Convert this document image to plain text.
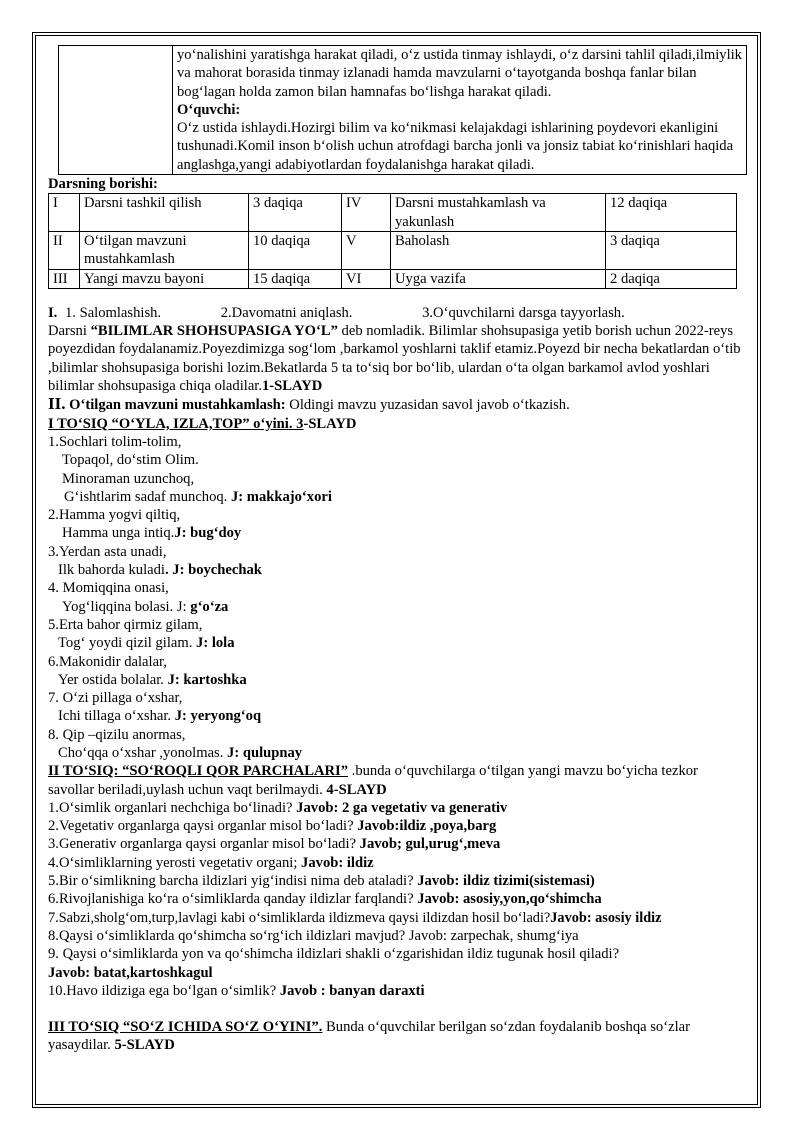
yo‘nalishini yaratishga harakat qiladi, o‘z ustida tinmay ishlaydi, o‘z darsini tahlil qiladi,ilmiylik va mahorat borasida tinmay izlanadi hamda mavzularni o‘tayotganda boshqa fanlar bilan bog‘lagan holda zamon bilan hamnafas bo‘lishga harakat qiladi.

O‘quvchi:

O‘z ustida ishlaydi.Hozirgi bilim va ko‘nikmasi kelajakdagi ishlarining poydevori ekanligini tushunadi.Komil inson b‘olish uchun atrofdagi barcha jonli va jonsiz tabiat ko‘rinishlari haqida anglashga,yangi adabiyotlardan foydalanishga harakat qiladi.

Darsning borishi:

I	Darsni tashkil qilish	3 daqiqa	IV	Darsni mustahkamlash va yakunlash	12 daqiqa
II	O‘tilgan mavzuni mustahkamlash	10 daqiqa	V	Baholash	3 daqiqa
III	Yangi mavzu bayoni	15 daqiqa	VI	Uyga vazifa	2 daqiqa

I. 1. Salomlashish.	2.Davomatni aniqlash.	3.O‘quvchilarni darsga tayyorlash.

Darsni “BILIMLAR SHOHSUPASIGA YO‘L” deb nomladik. Bilimlar shohsupasiga yetib borish uchun 2022-reys poyezdidan foydalanamiz.Poyezdimizga sog‘lom ,barkamol yoshlarni taklif etamiz.Poyezd bir necha bekatlardan o‘tib ,bilimlar shohsupasiga borishi lozim.Bekatlarda 5 ta to‘siq bor bo‘lib, ulardan o‘ta olgan barkamol avlod yoshlari bilimlar shohsupasiga chiqa oladilar.1-SLAYD

II. O‘tilgan mavzuni mustahkamlash: Oldingi mavzu yuzasidan savol javob o‘tkazish.

I TO‘SIQ “O‘YLA, IZLA,TOP” o‘yini. 3-SLAYD

1.Sochlari tolim-tolim,

Topaqol, do‘stim Olim.

Minoraman uzunchoq,

G‘ishtlarim sadaf munchoq. J: makkajo‘xori

2.Hamma yogvi qiltiq,

Hamma unga intiq.J: bug‘doy

3.Yerdan asta unadi,

Ilk bahorda kuladi. J: boychechak

4. Momiqqina onasi,

Yog‘liqqina bolasi. J: g‘o‘za

5.Erta bahor qirmiz gilam,

Tog‘ yoydi qizil gilam. J: lola

6.Makonidir dalalar,

Yer ostida bolalar. J: kartoshka

7. O‘zi pillaga o‘xshar,

Ichi tillaga o‘xshar. J: yeryong‘oq

8. Qip –qizilu anormas,

Cho‘qqa o‘xshar ,yonolmas. J: qulupnay

II TO‘SIQ: “SO‘ROQLI QOR PARCHALARI” .bunda o‘quvchilarga o‘tilgan yangi mavzu bo‘yicha tezkor savollar beriladi,uylash uchun vaqt berilmaydi. 4-SLAYD

1.O‘simlik organlari nechchiga bo‘linadi? Javob: 2 ga vegetativ va generativ

2.Vegetativ organlarga qaysi organlar misol bo‘ladi? Javob:ildiz ,poya,barg

3.Generativ organlarga qaysi organlar misol bo‘ladi? Javob; gul,urug‘,meva

4.O‘simliklarning yerosti vegetativ organi; Javob: ildiz

5.Bir o‘simlikning barcha ildizlari yig‘indisi nima deb ataladi? Javob: ildiz tizimi(sistemasi)

6.Rivojlanishiga ko‘ra o‘simliklarda qanday ildizlar farqlandi? Javob: asosiy,yon,qo‘shimcha

7.Sabzi,sholg‘om,turp,lavlagi kabi o‘simliklarda ildizmeva qaysi ildizdan hosil bo‘ladi?Javob: asosiy ildiz

8.Qaysi o‘simliklarda qo‘shimcha so‘rg‘ich ildizlari mavjud? Javob: zarpechak, shumg‘iya

9. Qaysi o‘simliklarda yon va qo‘shimcha ildizlari shakli o‘zgarishidan ildiz tugunak hosil qiladi?

Javob: batat,kartoshkagul

10.Havo ildiziga ega bo‘lgan o‘simlik? Javob : banyan daraxti

III TO‘SIQ “SO‘Z ICHIDA SO‘Z O‘YINI”. Bunda o‘quvchilar berilgan so‘zdan foydalanib boshqa so‘zlar yasaydilar. 5-SLAYD
